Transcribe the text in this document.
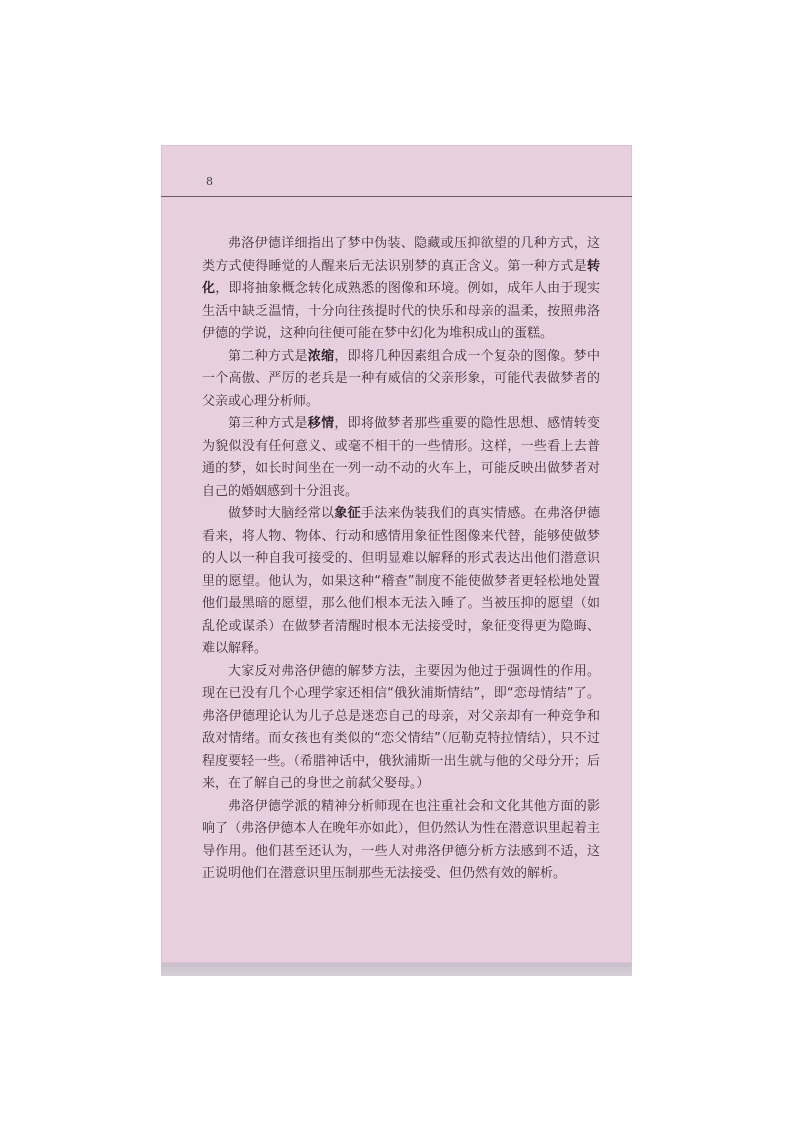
8

弗洛伊德详细指出了梦中伪装、隐藏或压抑欲望的几种方式，这类方式使得睡觉的人醒来后无法识别梦的真正含义。第一种方式是转化，即将抽象概念转化成熟悉的图像和环境。例如，成年人由于现实生活中缺乏温情，十分向往孩提时代的快乐和母亲的温柔，按照弗洛伊德的学说，这种向往便可能在梦中幻化为堆积成山的蛋糕。

第二种方式是浓缩，即将几种因素组合成一个复杂的图像。梦中一个高傲、严厉的老兵是一种有威信的父亲形象，可能代表做梦者的父亲或心理分析师。

第三种方式是移情，即将做梦者那些重要的隐性思想、感情转变为貌似没有任何意义、或毫不相干的一些情形。这样，一些看上去普通的梦，如长时间坐在一列一动不动的火车上，可能反映出做梦者对自己的婚姻感到十分沮丧。

做梦时大脑经常以象征手法来伪装我们的真实情感。在弗洛伊德看来，将人物、物体、行动和感情用象征性图像来代替，能够使做梦的人以一种自我可接受的、但明显难以解释的形式表达出他们潜意识里的愿望。他认为，如果这种“稽查”制度不能使做梦者更轻松地处置他们最黑暗的愿望，那么他们根本无法入睡了。当被压抑的愿望（如乱伦或谋杀）在做梦者清醒时根本无法接受时，象征变得更为隐晦、难以解释。

大家反对弗洛伊德的解梦方法，主要因为他过于强调性的作用。现在已没有几个心理学家还相信“俄狄浦斯情结”，即“恋母情结”了。弗洛伊德理论认为儿子总是迷恋自己的母亲，对父亲却有一种竞争和敌对情绪。而女孩也有类似的“恋父情结”（厄勒克特拉情结），只不过程度要轻一些。（希腊神话中，俄狄浦斯一出生就与他的父母分开；后来，在了解自己的身世之前弑父娶母。）

弗洛伊德学派的精神分析师现在也注重社会和文化其他方面的影响了（弗洛伊德本人在晚年亦如此），但仍然认为性在潜意识里起着主导作用。他们甚至还认为，一些人对弗洛伊德分析方法感到不适，这正说明他们在潜意识里压制那些无法接受、但仍然有效的解析。
